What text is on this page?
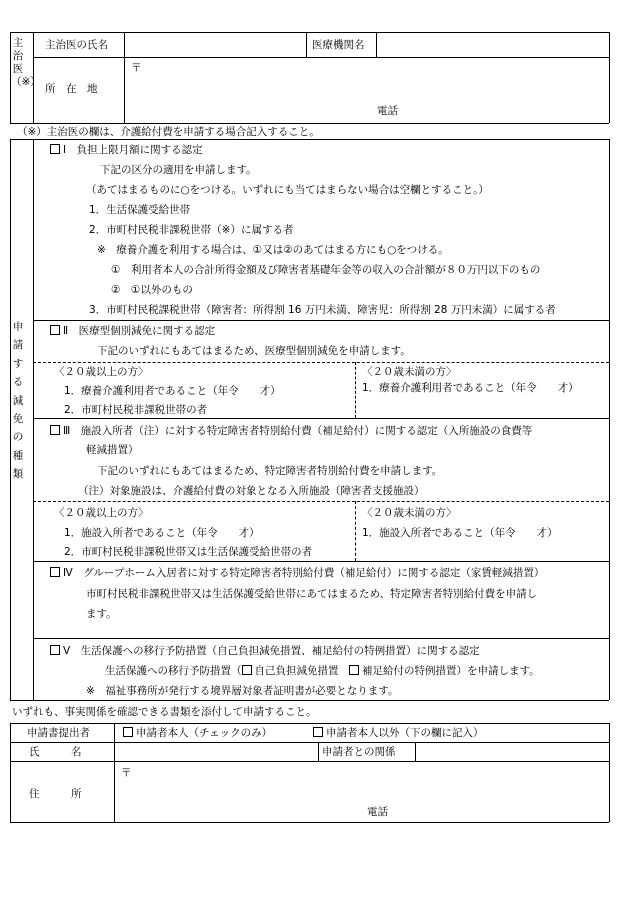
主治医（※）
主治医の氏名	医療機関名
所　在　地
〒
電話
（※）主治医の欄は、介護給付費を申請する場合記入すること。
申請する減免の種類
Ⅰ　負担上限月額に関する認定
下記の区分の適用を申請します。
（あてはまるものに○をつける。いずれにも当てはまらない場合は空欄とすること。）
1．生活保護受給世帯
2．市町村民税非課税世帯（※）に属する者
※　療養介護を利用する場合は、①又は②のあてはまる方にも○をつける。
①　利用者本人の合計所得金額及び障害者基礎年金等の収入の合計額が８０万円以下のもの
②　①以外のもの
3．市町村民税課税世帯（障害者：所得割 16 万円未満、障害児：所得割 28 万円未満）に属する者
Ⅱ　医療型個別減免に関する認定
下記のいずれにもあてはまるため、医療型個別減免を申請します。
〈２０歳以上の方〉
1．療養介護利用者であること（年令　　才）
2．市町村民税非課税世帯の者
〈２０歳未満の方〉
1．療養介護利用者であること（年令　　才）
Ⅲ　施設入所者（注）に対する特定障害者特別給付費（補足給付）に関する認定（入所施設の食費等
軽減措置）
下記のいずれにもあてはまるため、特定障害者特別給付費を申請します。
（注）対象施設は、介護給付費の対象となる入所施設（障害者支援施設）
〈２０歳以上の方〉
1．施設入所者であること（年令　　才）
2．市町村民税非課税世帯又は生活保護受給世帯の者
〈２０歳未満の方〉
1．施設入所者であること（年令　　才）
Ⅳ　グループホーム入居者に対する特定障害者特別給付費（補足給付）に関する認定（家賃軽減措置）
市町村民税非課税世帯又は生活保護受給世帯にあてはまるため、特定障害者特別給付費を申請し
ます。
Ⅴ　生活保護への移行予防措置（自己負担減免措置、補足給付の特例措置）に関する認定
生活保護への移行予防措置（ 自己負担減免措置　補足給付の特例措置）を申請します。
※　福祉事務所が発行する境界層対象者証明書が必要となります。
いずれも、事実関係を確認できる書類を添付して申請すること。
申請書提出者	申請者本人（チェックのみ）	申請者本人以外（下の欄に記入）
氏　　　名	申請者との関係
住　　　所
〒
電話
